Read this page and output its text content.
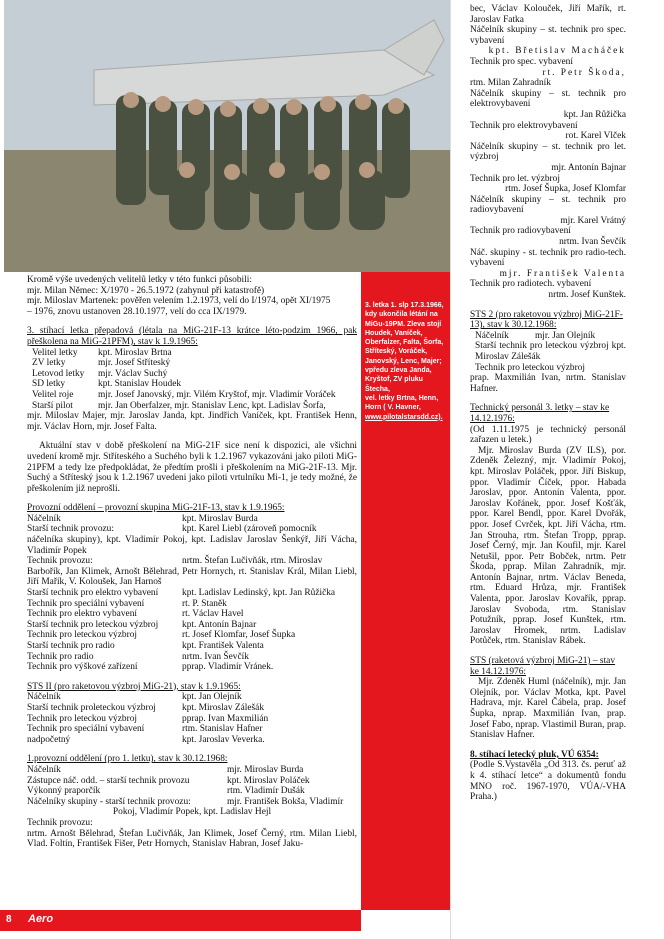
3. letka 1. slp 17.3.1966,
kdy ukončila létání na
MiGu-19PM. Zleva stojí
Houdek, Vaníček,
Oberfalzer, Falta, Šorfa,
Stříteský, Voráček,
Janovský, Lenc, Majer;
vpředu zleva Janda,
Kryštof, ZV pluku Štecha,
vel. letky Brtna, Henn,
Horn ( V. Havner,
www.pilotalstarsdd.cz).
Kromě výše uvedených velitelů letky v této funkci působili:
mjr. Milan Němec: X/1970 - 26.5.1972 (zahynul při katastrofě)
mjr. Miloslav Martenek: pověřen velením 1.2.1973, velí do I/1974, opět XI/1975
– 1976, znovu ustanoven 28.10.1977, velí do cca IX/1979.
3. stíhací letka přepadová (létala na MiG-21F-13 krátce léto-podzim 1966, pak přeškolena na MiG-21PFM), stav k 1.9.1965:
Velitel letky	kpt. Miroslav Brtna
ZV letky	mjr. Josef Stříteský
Letovod letky	mjr. Václav Suchý
SD letky	kpt. Stanislav Houdek
Velitel roje	mjr. Josef Janovský, mjr. Vilém Kryštof, mjr. Vladimír Voráček
Starší pilot	mjr. Jan Oberfalzer, mjr. Stanislav Lenc, kpt. Ladislav Šorfa,
mjr. Miloslav Majer, mjr. Jaroslav Janda, kpt. Jindřich Vaníček, kpt. František Henn, mjr. Václav Horn, mjr. Josef Falta.
Aktuální stav v době přeškolení na MiG-21F sice není k dispozici, ale všichni uvedení kromě mjr. Stříteského a Suchého byli k 1.2.1967 vykazováni jako piloti MiG-21PFM a tedy lze předpokládat, že předtím prošli i přeškolením na MiG-21F-13. Mjr. Suchý a Stříteský jsou k 1.2.1967 uvedeni jako piloti vrtulníku Mi-1, je tedy možné, že přeškolením již neprošli.
Provozní oddělení – provozní skupina MiG-21F-13, stav k 1.9.1965:
Náčelník	kpt. Miroslav Burda
Starší technik provozu:	kpt. Karel Liebl (zároveň pomocník
náčelníka skupiny), kpt. Vladimír Pokoj, kpt. Ladislav Jaroslav Šenkýř, Jiří Vácha, Vladimír Popek
Technik provozu:	nrtm. Štefan Lučivňák, rtm. Miroslav
Barbořík, Jan Klimek, Arnošt Bělehrad, Petr Hornych, rt. Stanislav Král, Milan Liebl, Jiří Mařík, V. Koloušek, Jan Harnoš
Starší technik pro elektro vybavení	kpt. Ladislav Ledinský, kpt. Jan Růžička
Technik pro speciální vybavení	rt. P. Staněk
Technik pro elektro vybavení	rt. Václav Havel
Starší technik pro leteckou výzbroj	kpt. Antonín Bajnar
Technik pro leteckou výzbroj	rt. Josef Klomfar, Josef Šupka
Starší technik pro radio	kpt. František Valenta
Technik pro radio	nrtm. Ivan Ševčík
Technik pro výškové zařízení	pprap. Vladimír Vránek.
STS II (pro raketovou výzbroj MiG-21), stav k 1.9.1965:
Náčelník	kpt. Jan Olejník
Starší technik proleteckou výzbroj	kpt. Miroslav Zálešák
Technik pro leteckou výzbroj	pprap. Ivan Maxmilián
Technik pro speciální vybavení	rtm. Stanislav Hafner
nadpočetný	kpt. Jaroslav Veverka.
1.provozní oddělení (pro 1. letku), stav k 30.12.1968:
Náčelník	mjr. Miroslav Burda
Zástupce náč. odd. – starší technik provozu	kpt. Miroslav Poláček
Výkonný praporčík	rtm. Vladimír Dušák
Náčelníky skupiny - starší technik provozu:	mjr. František Bokša, Vladimír
Pokoj, Vladimír Popek, kpt. Ladislav Hejl
Technik provozu:
nrtm. Arnošt Bělehrad, Štefan Lučivňák, Jan Klimek, Josef Černý, rtm. Milan Liebl, Vlad. Foltín, František Fišer, Petr Hornych, Stanislav Habran, Josef Jaku-
bec, Václav Kolouček, Jiří Mařík, rt. Jaroslav Fatka
Náčelník skupiny – st. technik pro spec. vybavení
kpt. Břetislav Macháček
Technik pro spec. vybavení
rt. Petr Škoda,
rtm. Milan Zahradník
Náčelník skupiny – st. technik pro elektrovybavení
kpt. Jan Růžička
Technik pro elektrovybavení
rot. Karel Vlček
Náčelník skupiny – st. technik pro let. výzbroj
mjr. Antonín Bajnar
Technik pro let. výzbroj
rtm. Josef Šupka, Josef Klomfar
Náčelník skupiny – st. technik pro radiovybavení
mjr. Karel Vrátný
Technik pro radiovybavení
nrtm. Ivan Ševčík
Náč. skupiny - st. technik pro radio-tech. vybavení
mjr. František Valenta
Technik pro radiotech. vybavení
nrtm. Josef Kunštek.
STS 2 (pro raketovou výzbroj MiG-21F-13), stav k 30.12.1968:
Náčelník	mjr. Jan Olejník
Starší technik pro leteckou výzbroj kpt. Miroslav Zálešák
Technik pro leteckou výzbroj
prap. Maxmilián Ivan, nrtm. Stanislav Hafner.
Technický personál 3. letky – stav ke 14.12.1976:
(Od 1.11.1975 je technický personál zařazen u letek.)
Mjr. Miroslav Burda (ZV ILS), por. Zdeněk Železný, mjr. Vladimír Pokoj, kpt. Miroslav Poláček, ppor. Jiří Biskup, ppor. Vladimír Číček, ppor. Habada Jaroslav, ppor. Antonín Valenta, ppor. Jaroslav Kořánek, ppor. Josef Košťák, ppor. Karel Bendl, ppor. Karel Dvořák, ppor. Josef Cvrček, kpt. Jiří Vácha, rtm. Jan Strouha, rtm. Štefan Tropp, pprap. Josef Černý, mjr. Jan Koufil, mjr. Karel Netušil, ppor. Petr Bobček, nrtm. Petr Škoda, pprap. Milan Zahradník, mjr. Antonín Bajnar, nrtm. Václav Beneda, rtm. Eduard Hrůza, mjr. František Valenta, ppor. Jaroslav Kovařík, pprap. Jaroslav Svoboda, rtm. Stanislav Potužník, pprap. Josef Kunštek, rtm. Jaroslav Hromek, nrtm. Ladislav Potůček, rtm. Stanislav Rábek.
STS (raketová výzbroj MiG-21) – stav ke 14.12.1976:
Mjr. Zdeněk Huml (náčelník), mjr. Jan Olejník, por. Václav Motka, kpt. Pavel Hadrava, mjr. Karel Čábela, prap. Josef Šupka, nprap. Maxmilián Ivan, prap. Josef Fabo, nprap. Vlastimil Buran, prap. Stanislav Hafner.
8. stíhací letecký pluk, VÚ 6354:
(Podle S.Vystavěla „Od 313. čs. peruť až k 4. stíhací letce“ a dokumentů fondu MNO roč. 1967-1970, VÚA/-VHA Praha.)
8 Aero
